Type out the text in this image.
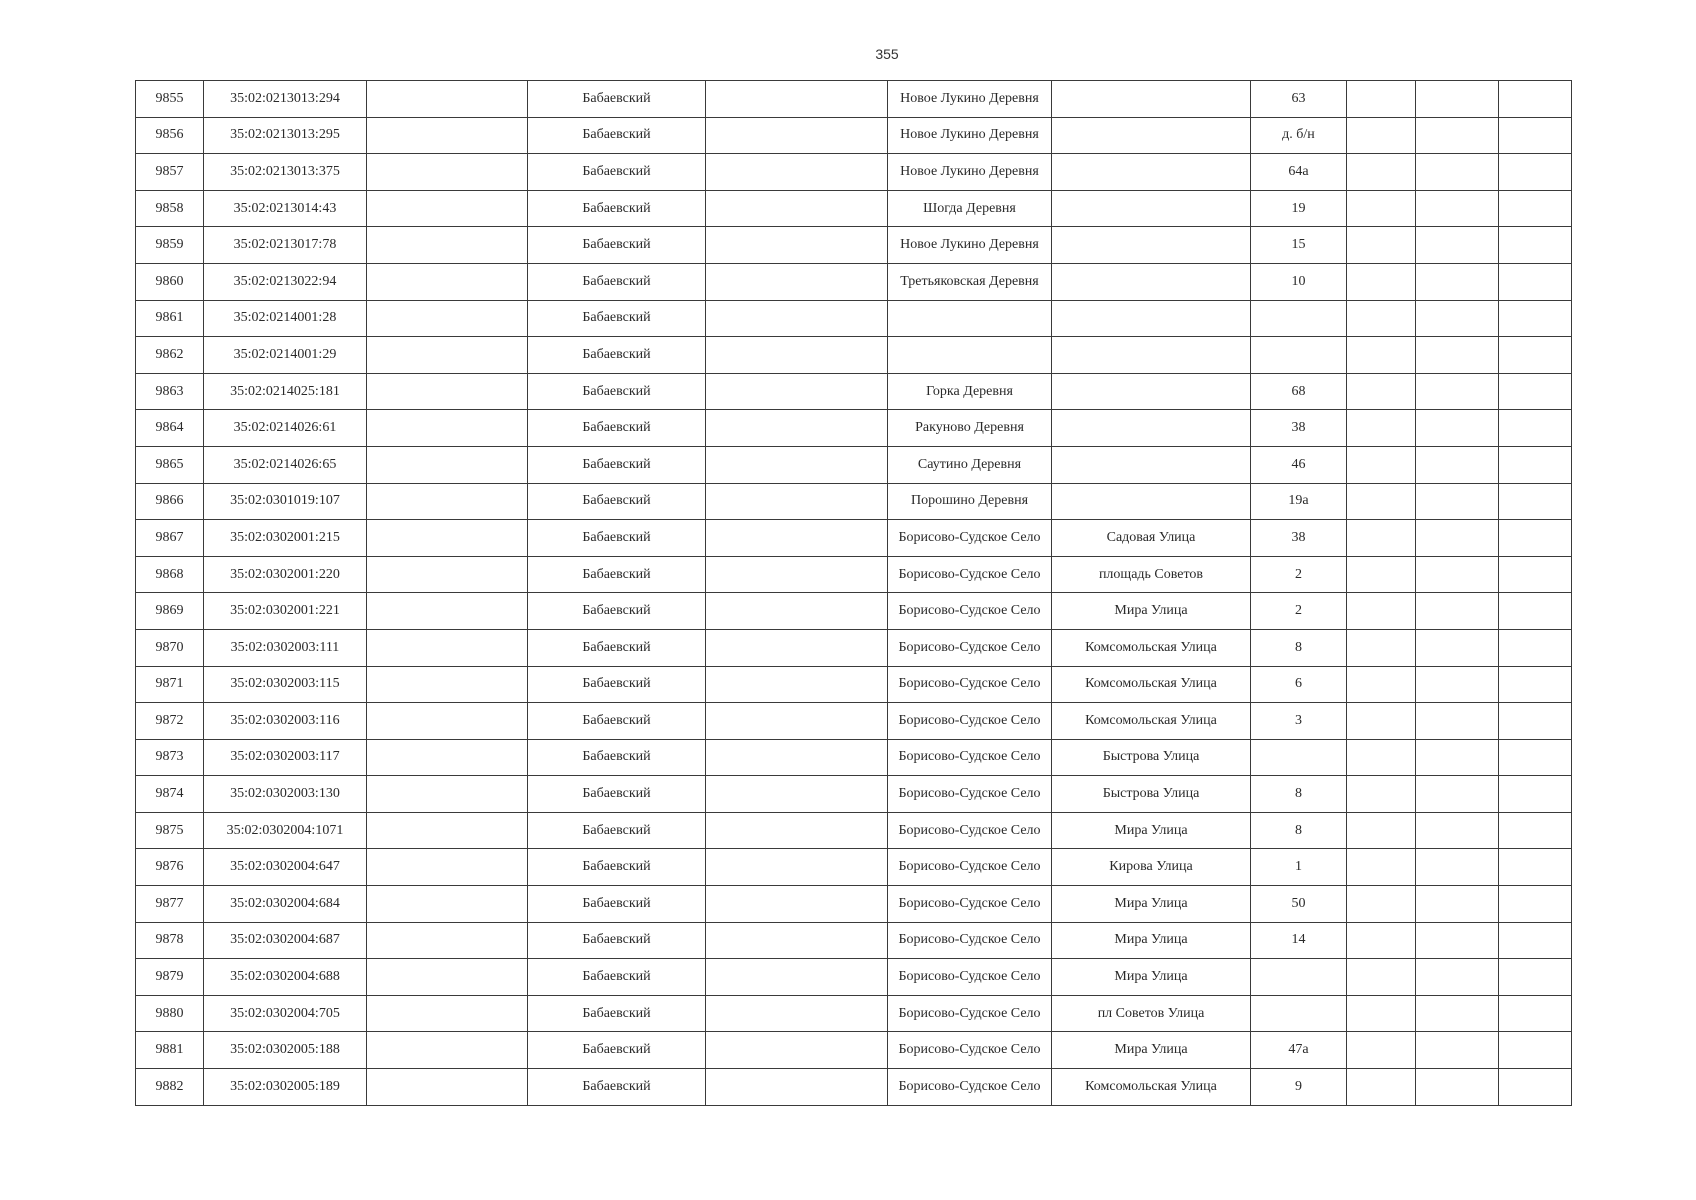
355
9855	35:02:0213013:294		Бабаевский		Новое Лукино Деревня		63			
9856	35:02:0213013:295		Бабаевский		Новое Лукино Деревня		д. б/н			
9857	35:02:0213013:375		Бабаевский		Новое Лукино Деревня		64а			
9858	35:02:0213014:43		Бабаевский		Шогда Деревня		19			
9859	35:02:0213017:78		Бабаевский		Новое Лукино Деревня		15			
9860	35:02:0213022:94		Бабаевский		Третьяковская Деревня		10			
9861	35:02:0214001:28		Бабаевский							
9862	35:02:0214001:29		Бабаевский							
9863	35:02:0214025:181		Бабаевский		Горка Деревня		68			
9864	35:02:0214026:61		Бабаевский		Ракуново Деревня		38			
9865	35:02:0214026:65		Бабаевский		Саутино Деревня		46			
9866	35:02:0301019:107		Бабаевский		Порошино Деревня		19а			
9867	35:02:0302001:215		Бабаевский		Борисово-Судское Село	Садовая Улица	38			
9868	35:02:0302001:220		Бабаевский		Борисово-Судское Село	площадь Советов	2			
9869	35:02:0302001:221		Бабаевский		Борисово-Судское Село	Мира Улица	2			
9870	35:02:0302003:111		Бабаевский		Борисово-Судское Село	Комсомольская Улица	8			
9871	35:02:0302003:115		Бабаевский		Борисово-Судское Село	Комсомольская Улица	6			
9872	35:02:0302003:116		Бабаевский		Борисово-Судское Село	Комсомольская Улица	3			
9873	35:02:0302003:117		Бабаевский		Борисово-Судское Село	Быстрова Улица				
9874	35:02:0302003:130		Бабаевский		Борисово-Судское Село	Быстрова Улица	8			
9875	35:02:0302004:1071		Бабаевский		Борисово-Судское Село	Мира Улица	8			
9876	35:02:0302004:647		Бабаевский		Борисово-Судское Село	Кирова Улица	1			
9877	35:02:0302004:684		Бабаевский		Борисово-Судское Село	Мира Улица	50			
9878	35:02:0302004:687		Бабаевский		Борисово-Судское Село	Мира Улица	14			
9879	35:02:0302004:688		Бабаевский		Борисово-Судское Село	Мира Улица				
9880	35:02:0302004:705		Бабаевский		Борисово-Судское Село	пл Советов Улица				
9881	35:02:0302005:188		Бабаевский		Борисово-Судское Село	Мира Улица	47а			
9882	35:02:0302005:189		Бабаевский		Борисово-Судское Село	Комсомольская Улица	9			
